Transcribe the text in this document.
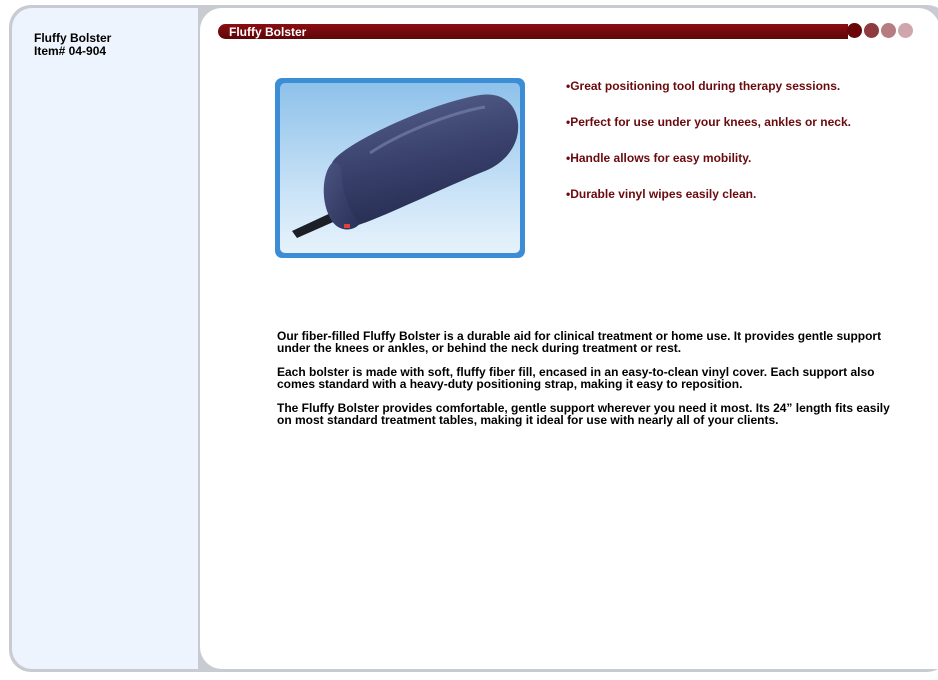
Fluffy Bolster
Item# 04-904
Fluffy Bolster
•Great positioning tool during therapy sessions.
•Perfect for use under your knees, ankles or neck.
•Handle allows for easy mobility.
•Durable vinyl wipes easily clean.

Our fiber-filled Fluffy Bolster is a durable aid for clinical treatment or home use. It provides gentle support under the knees or ankles, or behind the neck during treatment or rest.

Each bolster is made with soft, fluffy fiber fill, encased in an easy-to-clean vinyl cover. Each support also comes standard with a heavy-duty positioning strap, making it easy to reposition.

The Fluffy Bolster provides comfortable, gentle support wherever you need it most. Its 24” length fits easily on most standard treatment tables, making it ideal for use with nearly all of your clients.
